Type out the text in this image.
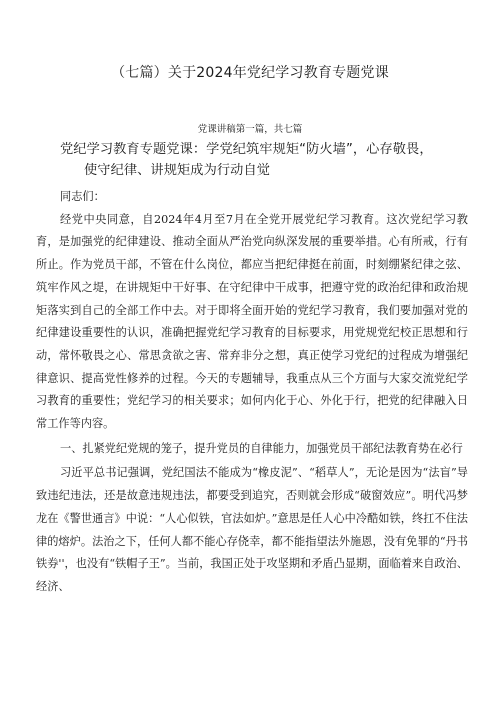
（七篇）关于2024年党纪学习教育专题党课
党课讲稿第一篇，共七篇
党纪学习教育专题党课：学党纪筑牢规矩“防火墙”，心存敬畏，
使守纪律、讲规矩成为行动自觉

同志们：

经党中央同意，自2024年4月至7月在全党开展党纪学习教育。这次党纪学习教育，是加强党的纪律建设、推动全面从严治党向纵深发展的重要举措。心有所戒，行有所止。作为党员干部，不管在什么岗位，都应当把纪律挺在前面，时刻绷紧纪律之弦、筑牢作风之堤，在讲规矩中干好事、在守纪律中干成事，把遵守党的政治纪律和政治规矩落实到自己的全部工作中去。对于即将全面开始的党纪学习教育，我们要加强对党的纪律建设重要性的认识，准确把握党纪学习教育的目标要求，用党规党纪校正思想和行动，常怀敬畏之心、常思贪欲之害、常弃非分之想，真正使学习党纪的过程成为增强纪律意识、提高党性修养的过程。今天的专题辅导，我重点从三个方面与大家交流党纪学习教育的重要性；党纪学习的相关要求；如何内化于心、外化于行，把党的纪律融入日常工作等内容。

一、扎紧党纪党规的笼子，提升党员的自律能力，加强党员干部纪法教育势在必行

习近平总书记强调，党纪国法不能成为“橡皮泥”、“稻草人”，无论是因为“法盲”导致违纪违法，还是故意违规违法，都要受到追究，否则就会形成“破窗效应”。明代冯梦龙在《警世通言》中说：“人心似铁，官法如炉。”意思是任人心中冷酷如铁，终扛不住法律的熔炉。法治之下，任何人都不能心存侥幸，都不能指望法外施恩，没有免罪的“丹书铁券''，也没有“铁帽子王”。当前，我国正处于攻坚期和矛盾凸显期，面临着来自政治、经济、
